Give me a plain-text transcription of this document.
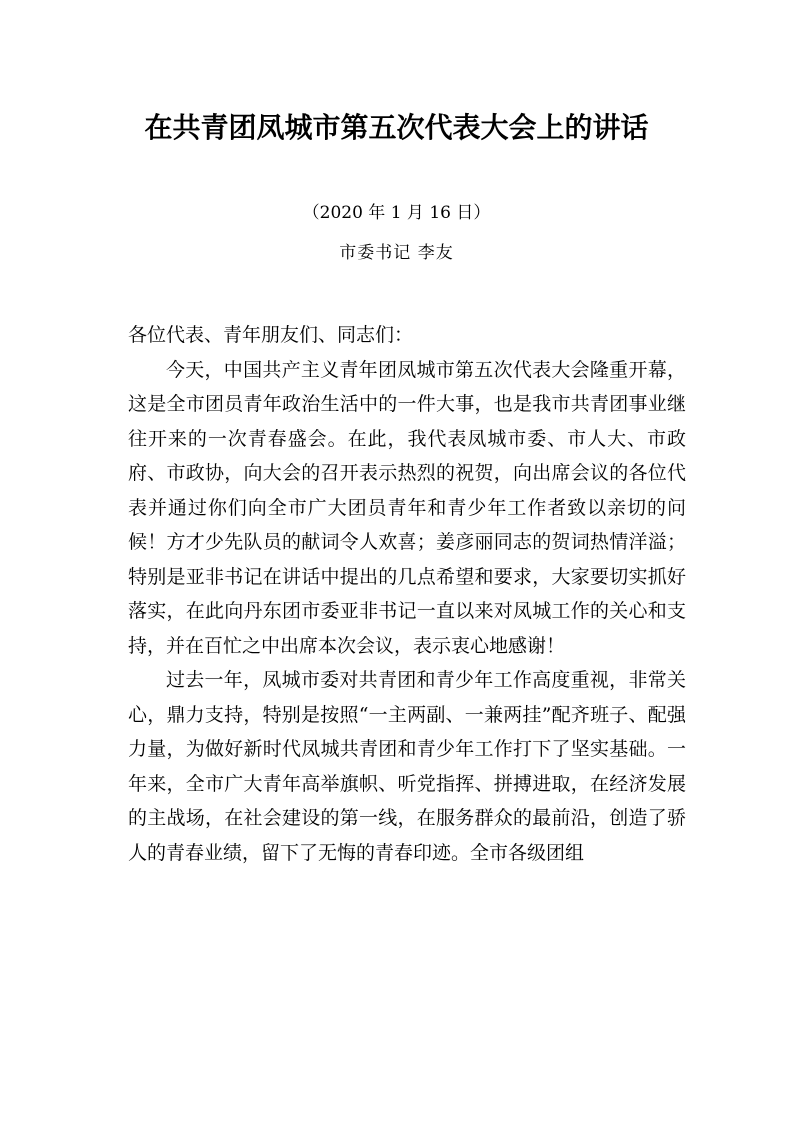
在共青团凤城市第五次代表大会上的讲话
（2020 年 1 月 16 日）
市委书记 李友

各位代表、青年朋友们、同志们：

今天，中国共产主义青年团凤城市第五次代表大会隆重开幕，这是全市团员青年政治生活中的一件大事，也是我市共青团事业继往开来的一次青春盛会。在此，我代表凤城市委、市人大、市政府、市政协，向大会的召开表示热烈的祝贺，向出席会议的各位代表并通过你们向全市广大团员青年和青少年工作者致以亲切的问候！方才少先队员的献词令人欢喜；姜彦丽同志的贺词热情洋溢；特别是亚非书记在讲话中提出的几点希望和要求，大家要切实抓好落实，在此向丹东团市委亚非书记一直以来对凤城工作的关心和支持，并在百忙之中出席本次会议，表示衷心地感谢！

过去一年，凤城市委对共青团和青少年工作高度重视，非常关心，鼎力支持，特别是按照“一主两副、一兼两挂”配齐班子、配强力量，为做好新时代凤城共青团和青少年工作打下了坚实基础。一年来，全市广大青年高举旗帜、听党指挥、拼搏进取，在经济发展的主战场，在社会建设的第一线，在服务群众的最前沿，创造了骄人的青春业绩，留下了无悔的青春印迹。全市各级团组
